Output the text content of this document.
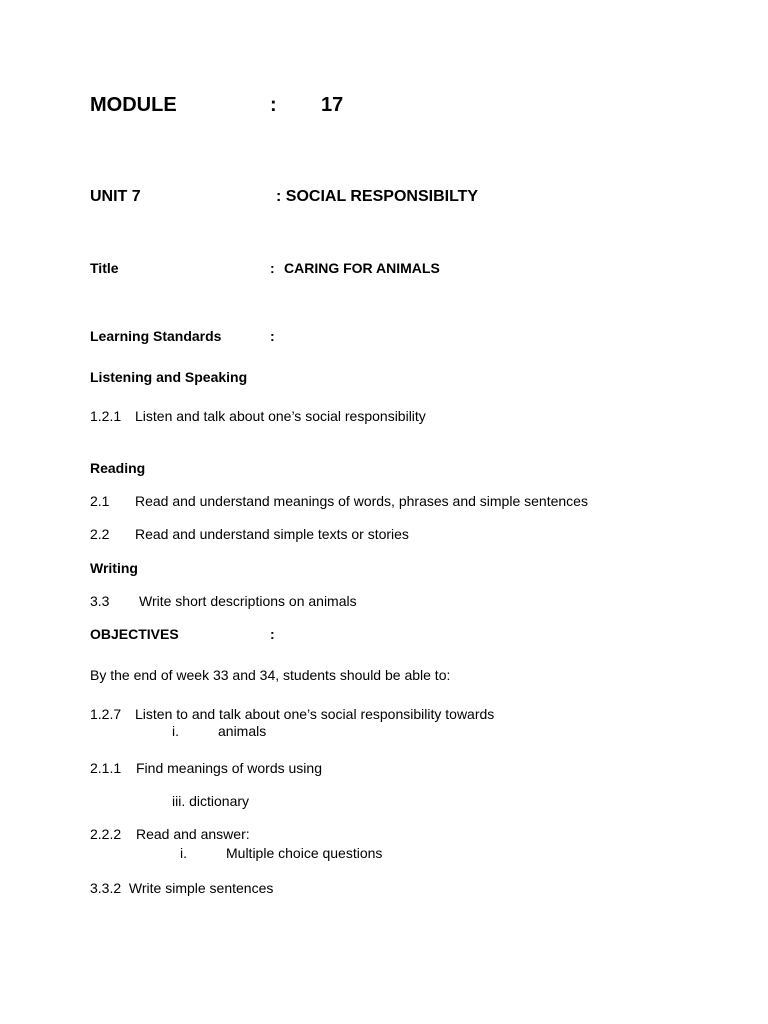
MODULE	: 17
UNIT 7	: SOCIAL RESPONSIBILTY
Title	: CARING FOR ANIMALS
Learning Standards	:
Listening and Speaking
1.2.1 Listen and talk about one’s social responsibility
Reading
2.1 Read and understand meanings of words, phrases and simple sentences
2.2 Read and understand simple texts or stories
Writing
3.3 Write short descriptions on animals
OBJECTIVES	:
By the end of week 33 and 34, students should be able to:
1.2.7 Listen to and talk about one’s social responsibility towards
i.	animals
2.1.1 Find meanings of words using
iii. dictionary
2.2.2 Read and answer:
i.	Multiple choice questions
3.3.2  Write simple sentences
